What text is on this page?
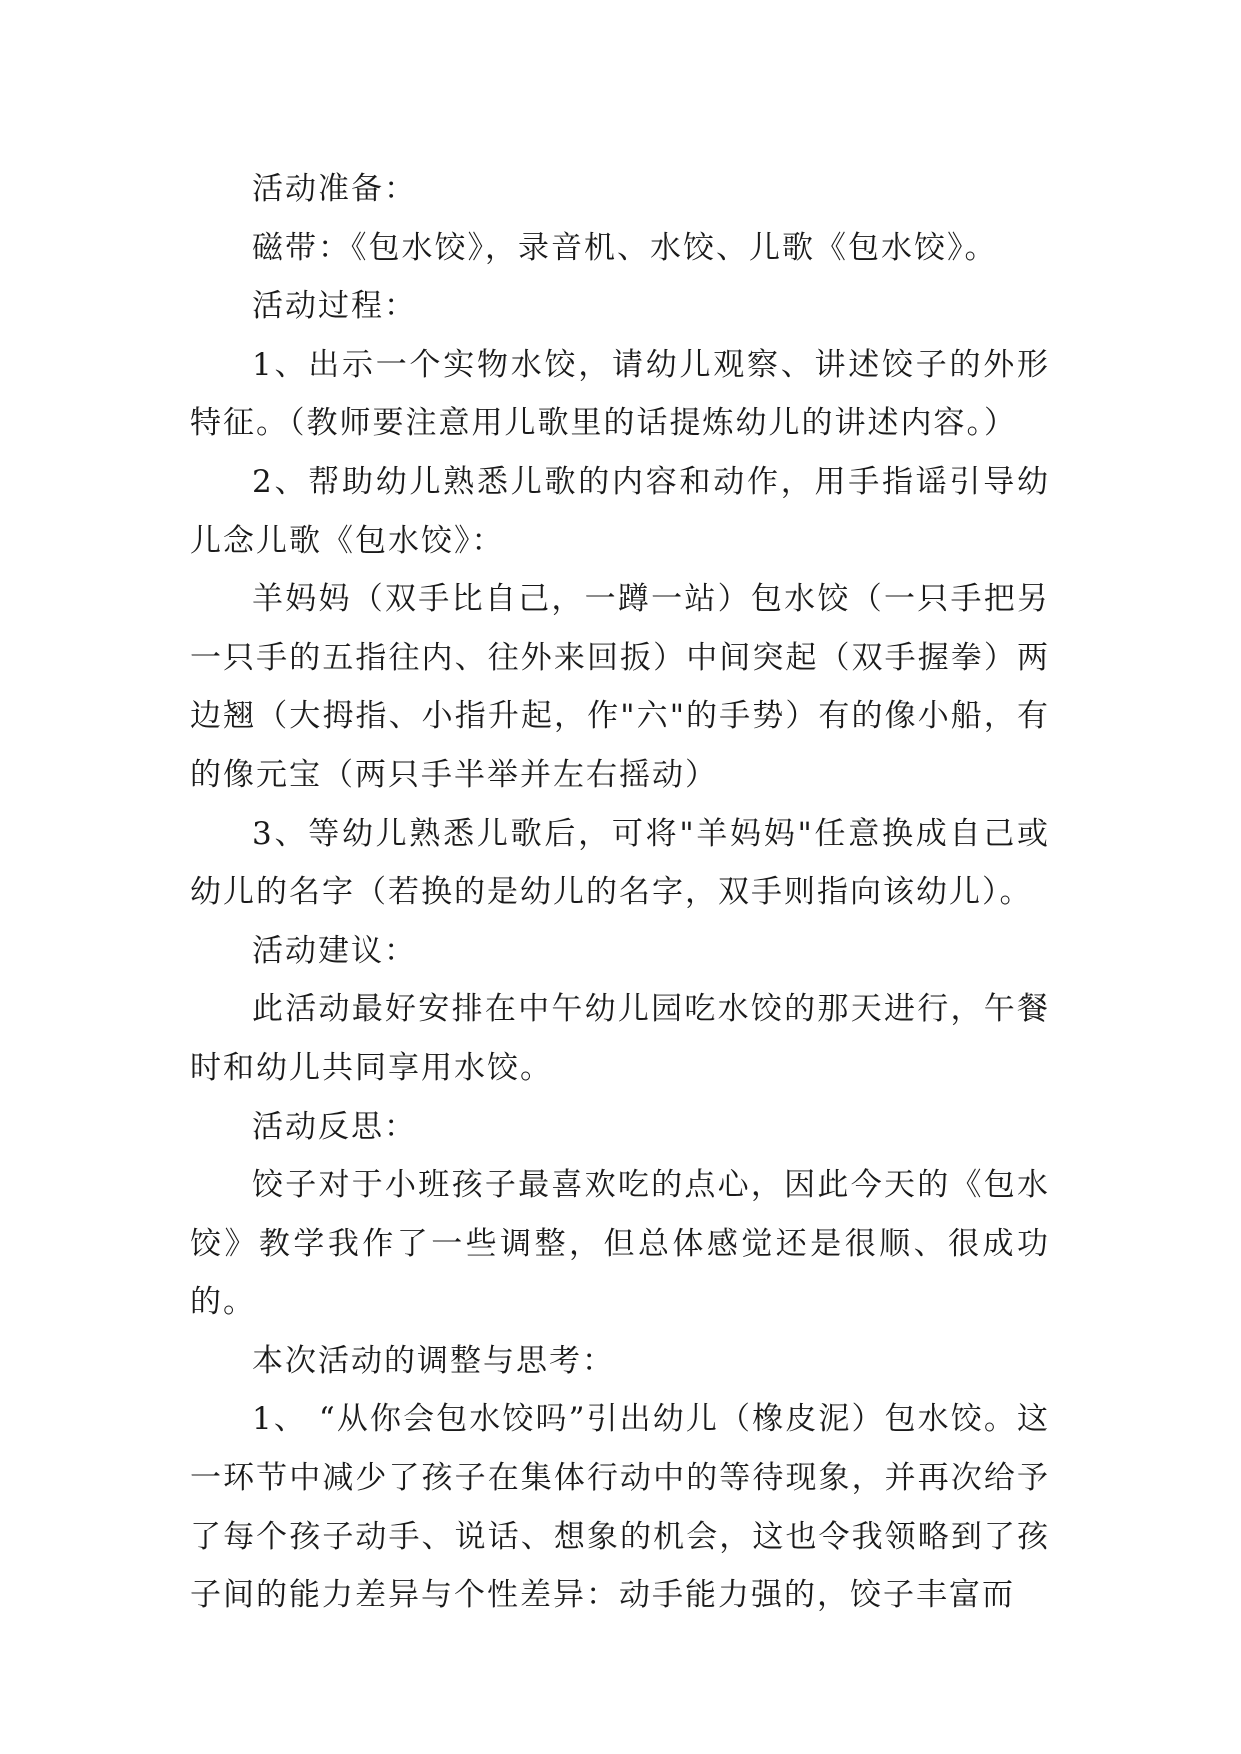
活动准备：

磁带：《包水饺》，录音机、水饺、儿歌《包水饺》。

活动过程：

1、出示一个实物水饺，请幼儿观察、讲述饺子的外形特征。（教师要注意用儿歌里的话提炼幼儿的讲述内容。）

2、帮助幼儿熟悉儿歌的内容和动作，用手指谣引导幼儿念儿歌《包水饺》：

羊妈妈（双手比自己，一蹲一站）包水饺（一只手把另一只手的五指往内、往外来回扳）中间突起（双手握拳）两边翘（大拇指、小指升起，作"六"的手势）有的像小船，有的像元宝（两只手半举并左右摇动）

3、等幼儿熟悉儿歌后，可将"羊妈妈"任意换成自己或幼儿的名字（若换的是幼儿的名字，双手则指向该幼儿）。

活动建议：

此活动最好安排在中午幼儿园吃水饺的那天进行，午餐时和幼儿共同享用水饺。

活动反思：

饺子对于小班孩子最喜欢吃的点心，因此今天的《包水饺》教学我作了一些调整，但总体感觉还是很顺、很成功的。

本次活动的调整与思考：

1、 “从你会包水饺吗”引出幼儿（橡皮泥）包水饺。这一环节中减少了孩子在集体行动中的等待现象，并再次给予了每个孩子动手、说话、想象的机会，这也令我领略到了孩子间的能力差异与个性差异：动手能力强的，饺子丰富而
